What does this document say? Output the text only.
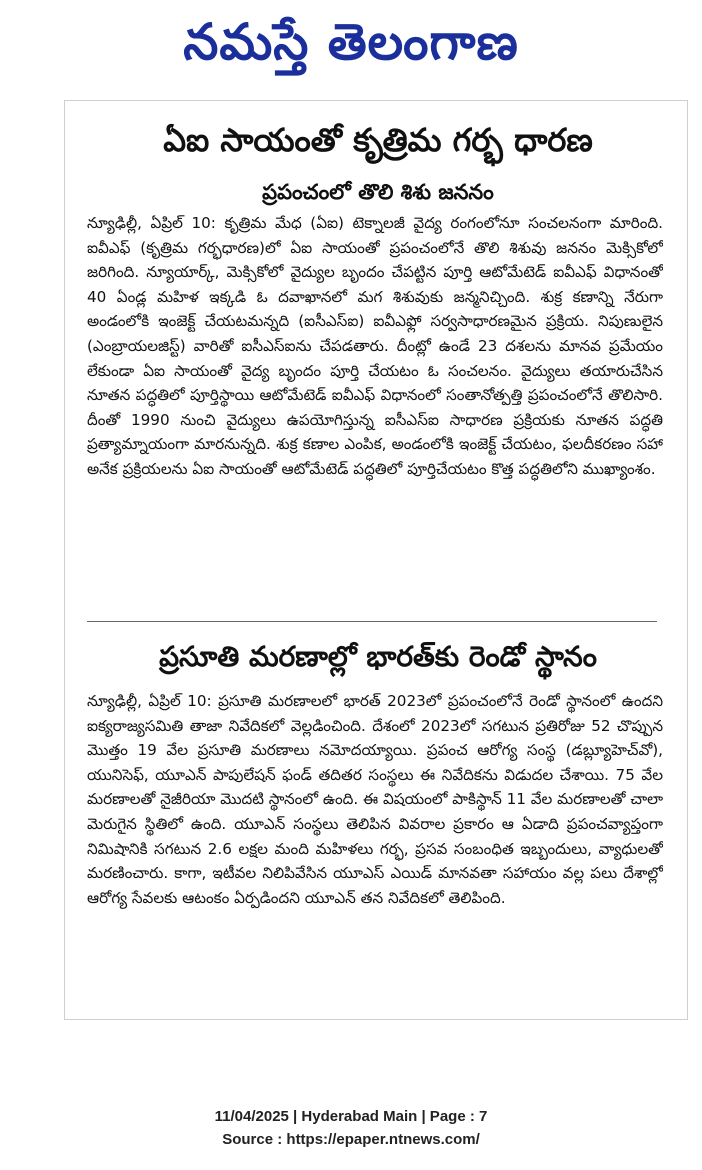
నమస్తే తెలంగాణ
ఏఐ సాయంతో కృత్రిమ గర్భ ధారణ
ప్రపంచంలో తొలి శిశు జననం

న్యూఢిల్లీ, ఏప్రిల్ 10: కృత్రిమ మేధ (ఏఐ) టెక్నాలజీ వైద్య రంగంలోనూ సంచలనంగా మారింది. ఐవీఎఫ్ (కృత్రిమ గర్భధారణ)లో ఏఐ సాయంతో ప్రపంచంలోనే తొలి శిశువు జననం మెక్సికోలో జరిగింది. న్యూయార్క్, మెక్సికోలో వైద్యుల బృందం చేపట్టిన పూర్తి ఆటోమేటెడ్ ఐవీఎఫ్ విధానంతో 40 ఏండ్ల మహిళ ఇక్కడి ఓ దవాఖానలో మగ శిశువుకు జన్మనిచ్చింది. శుక్ర కణాన్ని నేరుగా అండంలోకి ఇంజెక్ట్ చేయటమన్నది (ఐసీఎస్ఐ) ఐవీఎఫ్లో సర్వసాధారణమైన ప్రక్రియ. నిపుణులైన (ఎంబ్రాయలజిస్ట్) వారితో ఐసీఎస్ఐను చేపడతారు. దీంట్లో ఉండే 23 దశలను మానవ ప్రమేయం లేకుండా ఏఐ సాయంతో వైద్య బృందం పూర్తి చేయటం ఓ సంచలనం. వైద్యులు తయారుచేసిన నూతన పద్ధతిలో పూర్తిస్థాయి ఆటోమేటెడ్ ఐవీఎఫ్ విధానంలో సంతానోత్పత్తి ప్రపంచంలోనే తొలిసారి. దీంతో 1990 నుంచి వైద్యులు ఉపయోగిస్తున్న ఐసీఎస్ఐ సాధారణ ప్రక్రియకు నూతన పద్ధతి ప్రత్యామ్నాయంగా మారనున్నది. శుక్ర కణాల ఎంపిక, అండంలోకి ఇంజెక్ట్ చేయటం, ఫలదీకరణం సహా అనేక ప్రక్రియలను ఏఐ సాయంతో ఆటోమేటెడ్ పద్ధతిలో పూర్తిచేయటం కొత్త పద్ధతిలోని ముఖ్యాంశం.

ప్రసూతి మరణాల్లో భారత్‌కు రెండో స్థానం

న్యూఢిల్లీ, ఏప్రిల్ 10: ప్రసూతి మరణాలలో భారత్ 2023లో ప్రపంచంలోనే రెండో స్థానంలో ఉందని ఐక్యరాజ్యసమితి తాజా నివేదికలో వెల్లడించింది. దేశంలో 2023లో సగటున ప్రతిరోజు 52 చొప్పున మొత్తం 19 వేల ప్రసూతి మరణాలు నమోదయ్యాయి. ప్రపంచ ఆరోగ్య సంస్థ (డబ్ల్యూహెచ్‌వో), యునిసెఫ్, యూఎన్ పాపులేషన్ ఫండ్ తదితర సంస్థలు ఈ నివేదికను విడుదల చేశాయి. 75 వేల మరణాలతో నైజీరియా మొదటి స్థానంలో ఉంది. ఈ విషయంలో పాకిస్థాన్ 11 వేల మరణాలతో చాలా మెరుగైన స్థితిలో ఉంది. యూఎన్ సంస్థలు తెలిపిన వివరాల ప్రకారం ఆ ఏడాది ప్రపంచవ్యాప్తంగా నిమిషానికి సగటున 2.6 లక్షల మంది మహిళలు గర్భ, ప్రసవ సంబంధిత ఇబ్బందులు, వ్యాధులతో మరణించారు. కాగా, ఇటీవల నిలిపివేసిన యూఎస్ ఎయిడ్ మానవతా సహాయం వల్ల పలు దేశాల్లో ఆరోగ్య సేవలకు ఆటంకం ఏర్పడిందని యూఎన్ తన నివేదికలో తెలిపింది.

11/04/2025 | Hyderabad Main | Page : 7
Source : https://epaper.ntnews.com/
